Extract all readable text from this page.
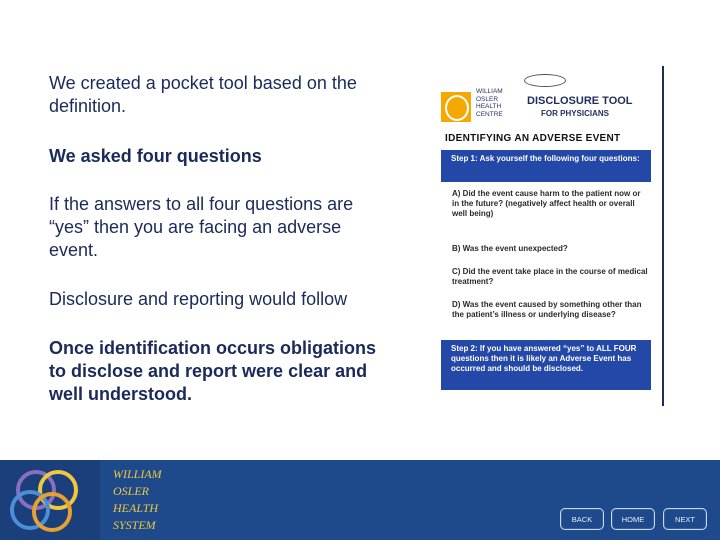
We created a pocket tool based on the definition.
We asked four questions
If the answers to all four questions are “yes” then you are facing an adverse event.
Disclosure and reporting would follow
Once identification occurs obligations to disclose and report were clear and well understood.
WILLIAM OSLER HEALTH CENTRE
DISCLOSURE TOOL
FOR PHYSICIANS
IDENTIFYING AN ADVERSE EVENT
Step 1: Ask yourself the following four questions:
A) Did the event cause harm to the patient now or in the future? (negatively affect health or overall well being)
B) Was the event unexpected?
C) Did the event take place in the course of medical treatment?
D) Was the event caused by something other than the patient’s illness or underlying disease?
Step 2: If you have answered “yes” to ALL FOUR questions then it is likely an Adverse Event has occurred and should be disclosed.
WILLIAM
OSLER
HEALTH
SYSTEM	BACK	HOME	NEXT
